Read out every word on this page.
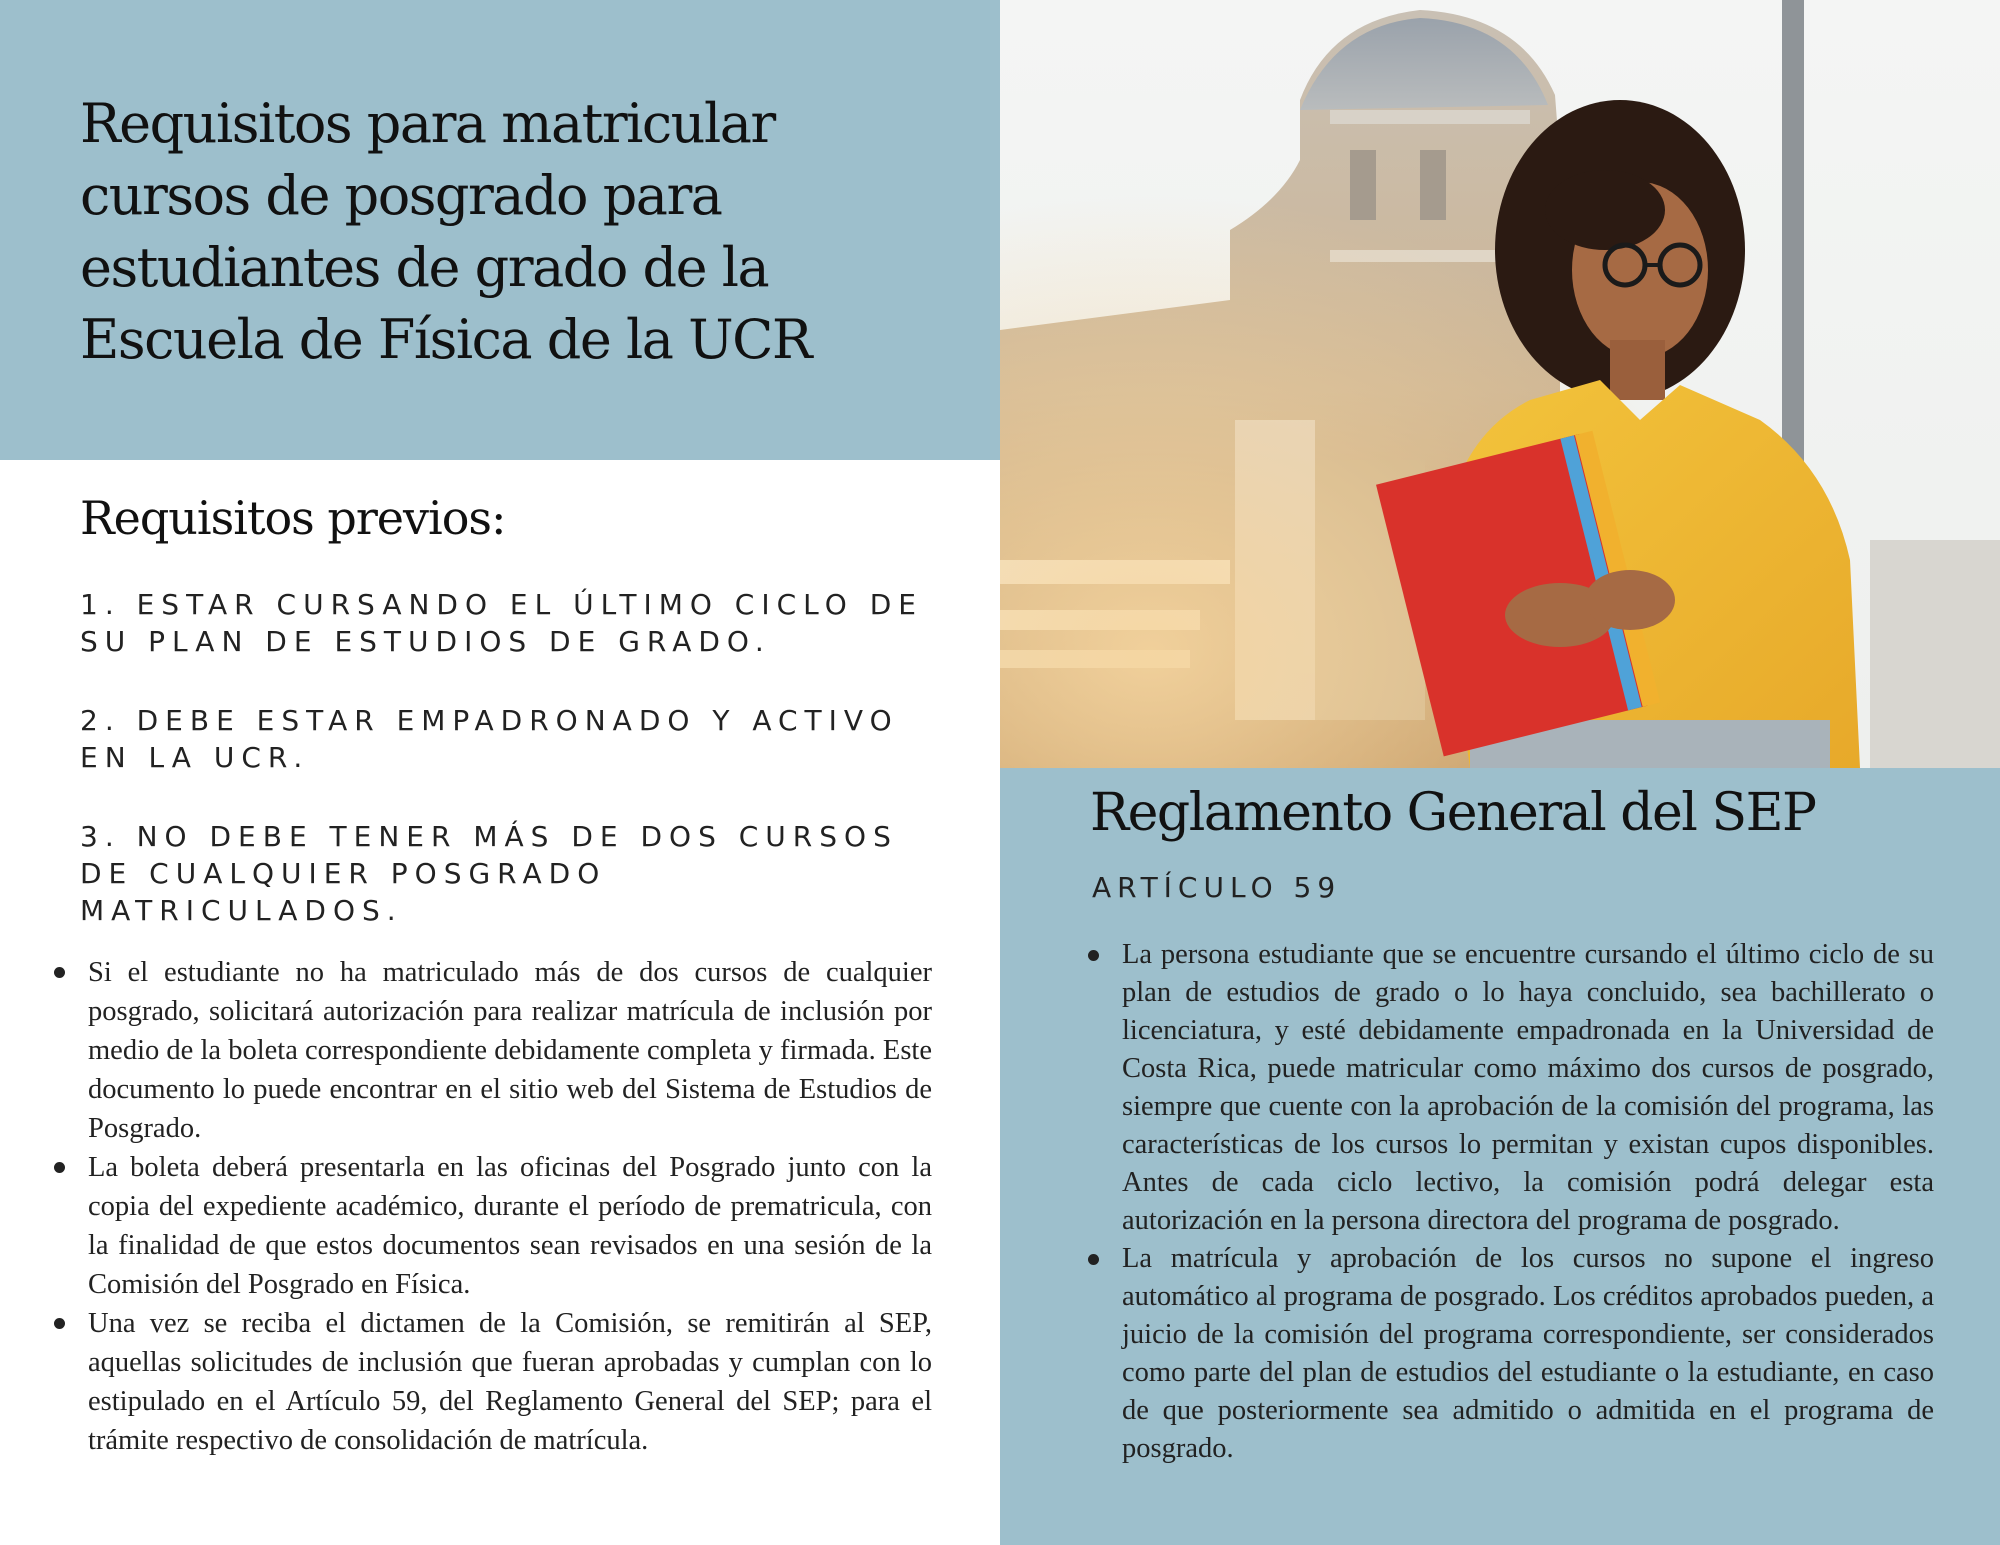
Requisitos para matricular cursos de posgrado para estudiantes de grado de la Escuela de Física de la UCR
Requisitos previos:
1. ESTAR CURSANDO EL ÚLTIMO CICLO DE SU PLAN DE ESTUDIOS DE GRADO.
2. DEBE ESTAR EMPADRONADO Y ACTIVO EN LA UCR.
3. NO DEBE TENER MÁS DE DOS CURSOS DE CUALQUIER POSGRADO MATRICULADOS.
Si el estudiante no ha matriculado más de dos cursos de cualquier posgrado, solicitará autorización para realizar matrícula de inclusión por medio de la boleta correspondiente debidamente completa y firmada. Este documento lo puede encontrar en el sitio web del Sistema de Estudios de Posgrado.
La boleta deberá presentarla en las oficinas del Posgrado junto con la copia del expediente académico, durante el período de prematricula, con la finalidad de que estos documentos sean revisados en una sesión de la Comisión del Posgrado en Física.
Una vez se reciba el dictamen de la Comisión, se remitirán al SEP, aquellas solicitudes de inclusión que fueran aprobadas y cumplan con lo estipulado en el Artículo 59, del Reglamento General del SEP; para el trámite respectivo de consolidación de matrícula.
Reglamento General del SEP

ARTÍCULO 59

La persona estudiante que se encuentre cursando el último ciclo de su plan de estudios de grado o lo haya concluido, sea bachillerato o licenciatura, y esté debidamente empadronada en la Universidad de Costa Rica, puede matricular como máximo dos cursos de posgrado, siempre que cuente con la aprobación de la comisión del programa, las características de los cursos lo permitan y existan cupos disponibles. Antes de cada ciclo lectivo, la comisión podrá delegar esta autorización en la persona directora del programa de posgrado.
La matrícula y aprobación de los cursos no supone el ingreso automático al programa de posgrado. Los créditos aprobados pueden, a juicio de la comisión del programa correspondiente, ser considerados como parte del plan de estudios del estudiante o la estudiante, en caso de que posteriormente sea admitido o admitida en el programa de posgrado.
